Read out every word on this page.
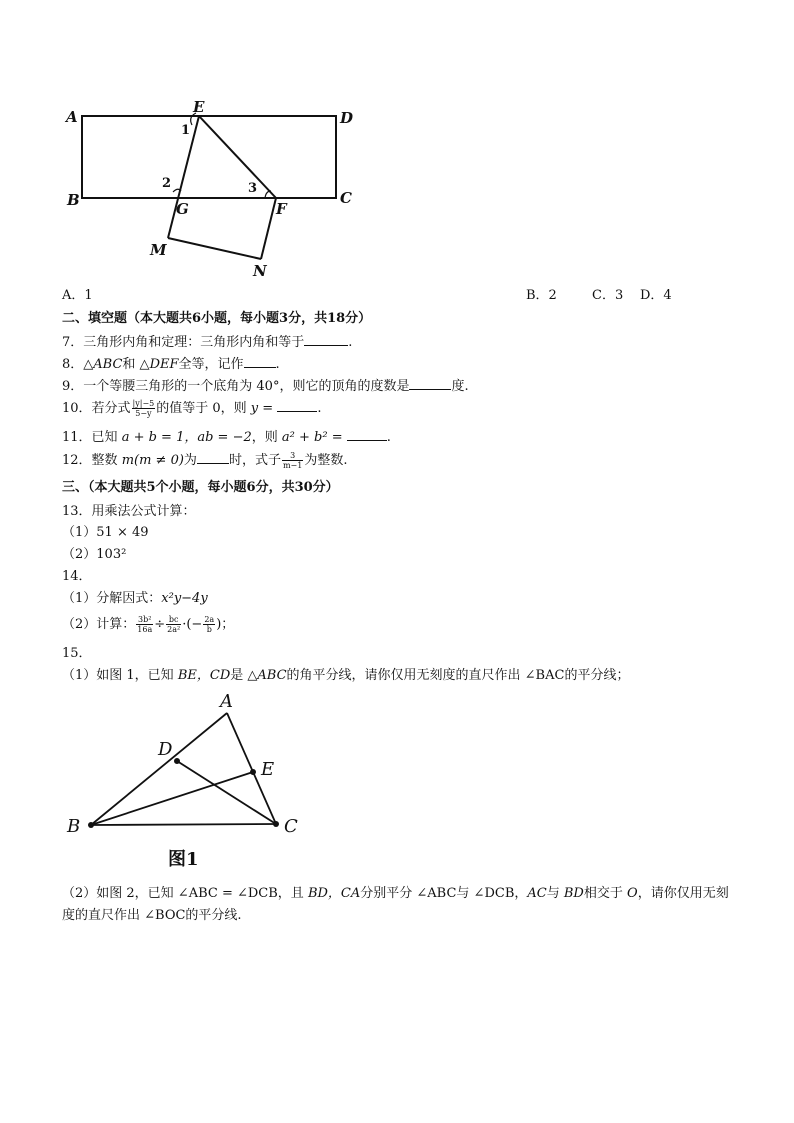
A	D
B	C
E
G	F
M
N
1
2	3
A．1	B．2	C．3 D．4
二、填空题（本大题共6小题，每小题3分，共18分）
7．三角形内角和定理：三角形内角和等于	.
8．△ABC和 △DEF全等，记作 .
9．一个等腰三角形的一个底角为 40°，则它的顶角的度数是	度.
10．若分式 $\frac{|y|-5}{5-y}$ 的值等于 0，则 y =	.
11．已知 a + b = 1，ab = −2，则 a² + b² =	.
12．整数 m(m ≠ 0)为 时，式子 $\frac{3}{m-1}$ 为整数.
三、（本大题共5个小题，每小题6分，共30分）
13．用乘法公式计算：
（1）51 × 49
（2）103²
14．
（1）分解因式：x²y−4y
（2）计算： $\frac{\text{3b²}}{16a} \div \frac{bc}{\text{2a²}}$ ·(− $\frac{2a}{b}$ )；
15．
（1）如图 1，已知 BE，CD是 △ABC的角平分线，请你仅用无刻度的直尺作出 ∠BAC的平分线；
A
D
E
B	C
图1
（2）如图 2，已知 ∠ABC = ∠DCB，且 BD，CA分别平分 ∠ABC与 ∠DCB，AC与 BD相交于 O，请你仅用无刻
度的直尺作出 ∠BOC的平分线.
